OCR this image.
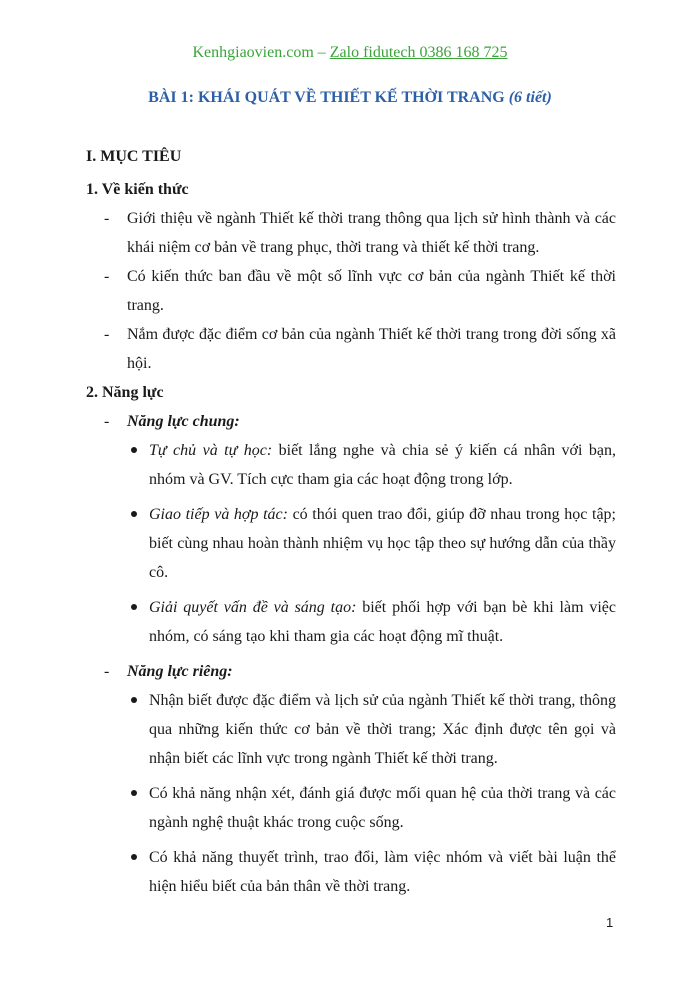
Kenhgiaovien.com – Zalo fidutech 0386 168 725
BÀI 1: KHÁI QUÁT VỀ THIẾT KẾ THỜI TRANG (6 tiết)

I. MỤC TIÊU

1. Về kiến thức

- Giới thiệu về ngành Thiết kế thời trang thông qua lịch sử hình thành và các khái niệm cơ bản về trang phục, thời trang và thiết kế thời trang.
- Có kiến thức ban đầu về một số lĩnh vực cơ bản của ngành Thiết kế thời trang.
- Nắm được đặc điểm cơ bản của ngành Thiết kế thời trang trong đời sống xã hội.

2. Năng lực

- Năng lực chung:
Tự chủ và tự học: biết lắng nghe và chia sẻ ý kiến cá nhân với bạn, nhóm và GV. Tích cực tham gia các hoạt động trong lớp.
Giao tiếp và hợp tác: có thói quen trao đổi, giúp đỡ nhau trong học tập; biết cùng nhau hoàn thành nhiệm vụ học tập theo sự hướng dẫn của thầy cô.
Giải quyết vấn đề và sáng tạo: biết phối hợp với bạn bè khi làm việc nhóm, có sáng tạo khi tham gia các hoạt động mĩ thuật.
- Năng lực riêng:
Nhận biết được đặc điểm và lịch sử của ngành Thiết kế thời trang, thông qua những kiến thức cơ bản về thời trang; Xác định được tên gọi và nhận biết các lĩnh vực trong ngành Thiết kế thời trang.
Có khả năng nhận xét, đánh giá được mối quan hệ của thời trang và các ngành nghệ thuật khác trong cuộc sống.
Có khả năng thuyết trình, trao đổi, làm việc nhóm và viết bài luận thể hiện hiểu biết của bản thân về thời trang.
1
